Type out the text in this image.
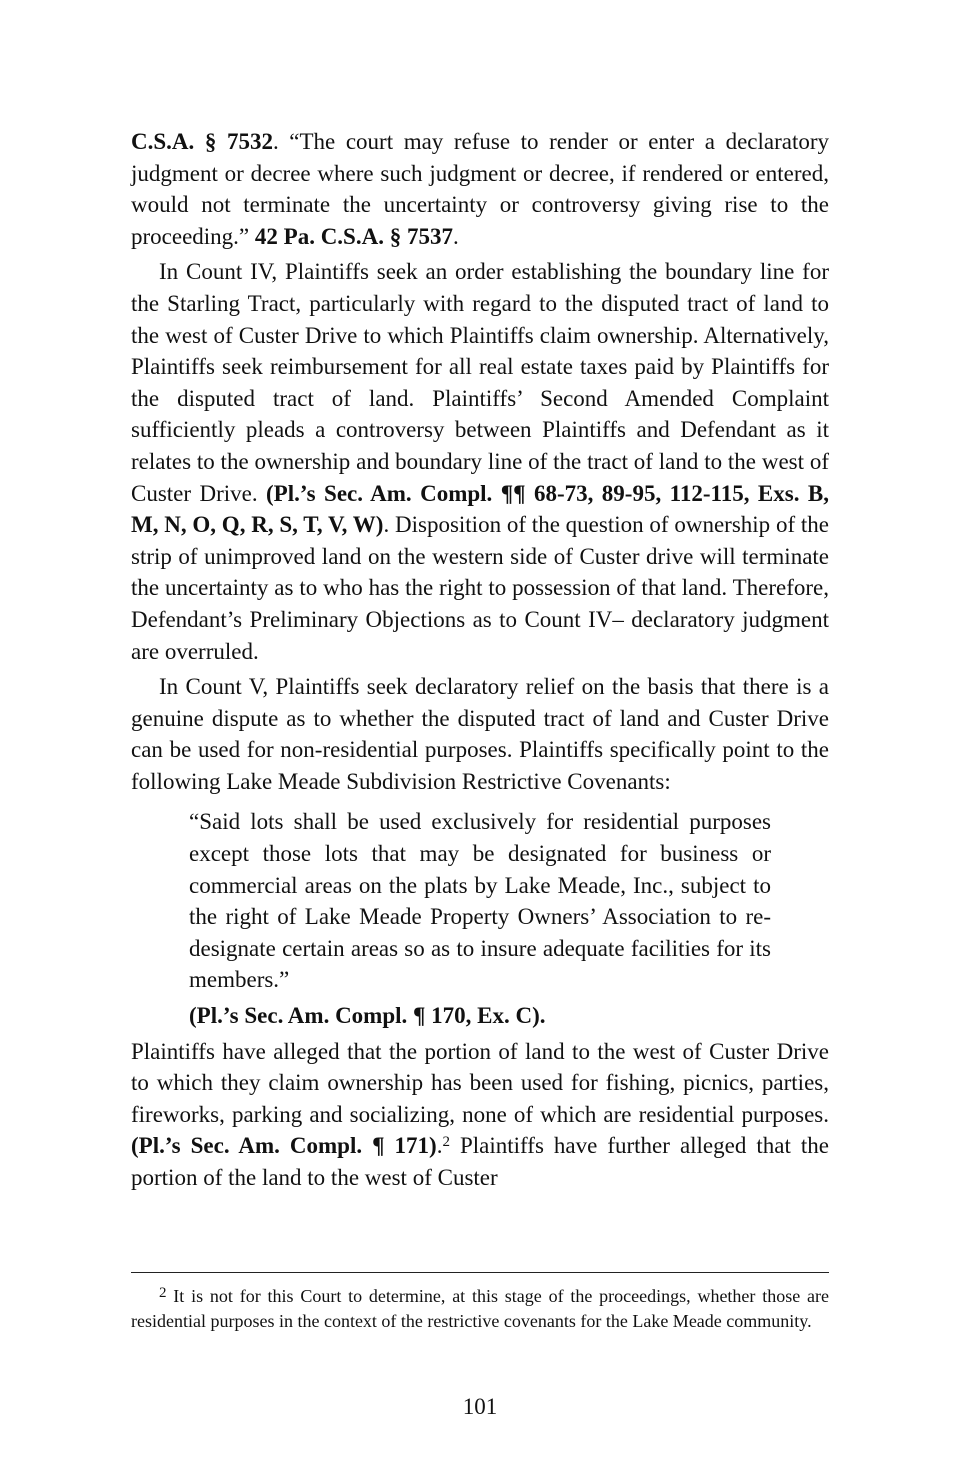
C.S.A. § 7532. “The court may refuse to render or enter a declaratory judgment or decree where such judgment or decree, if rendered or entered, would not terminate the uncertainty or controversy giving rise to the proceeding.” 42 Pa. C.S.A. § 7537.

In Count IV, Plaintiffs seek an order establishing the boundary line for the Starling Tract, particularly with regard to the disputed tract of land to the west of Custer Drive to which Plaintiffs claim ownership. Alternatively, Plaintiffs seek reimbursement for all real estate taxes paid by Plaintiffs for the disputed tract of land. Plaintiffs’ Second Amended Complaint sufficiently pleads a controversy between Plaintiffs and Defendant as it relates to the ownership and boundary line of the tract of land to the west of Custer Drive. (Pl.’s Sec. Am. Compl. ¶¶ 68-73, 89-95, 112-115, Exs. B, M, N, O, Q, R, S, T, V, W). Disposition of the question of ownership of the strip of unimproved land on the western side of Custer drive will terminate the uncertainty as to who has the right to possession of that land. Therefore, Defendant’s Preliminary Objections as to Count IV– declaratory judgment are overruled.

In Count V, Plaintiffs seek declaratory relief on the basis that there is a genuine dispute as to whether the disputed tract of land and Custer Drive can be used for non-residential purposes. Plaintiffs specifically point to the following Lake Meade Subdivision Restrictive Covenants:

“Said lots shall be used exclusively for residential purposes except those lots that may be designated for business or commercial areas on the plats by Lake Meade, Inc., subject to the right of Lake Meade Property Owners’ Association to re-designate certain areas so as to insure adequate facilities for its members.”

(Pl.’s Sec. Am. Compl. ¶ 170, Ex. C).

Plaintiffs have alleged that the portion of land to the west of Custer Drive to which they claim ownership has been used for fishing, picnics, parties, fireworks, parking and socializing, none of which are residential purposes. (Pl.’s Sec. Am. Compl. ¶ 171).$^2$ Plaintiffs have further alleged that the portion of the land to the west of Custer

$^2$ It is not for this Court to determine, at this stage of the proceedings, whether those are residential purposes in the context of the restrictive covenants for the Lake Meade community.

101
